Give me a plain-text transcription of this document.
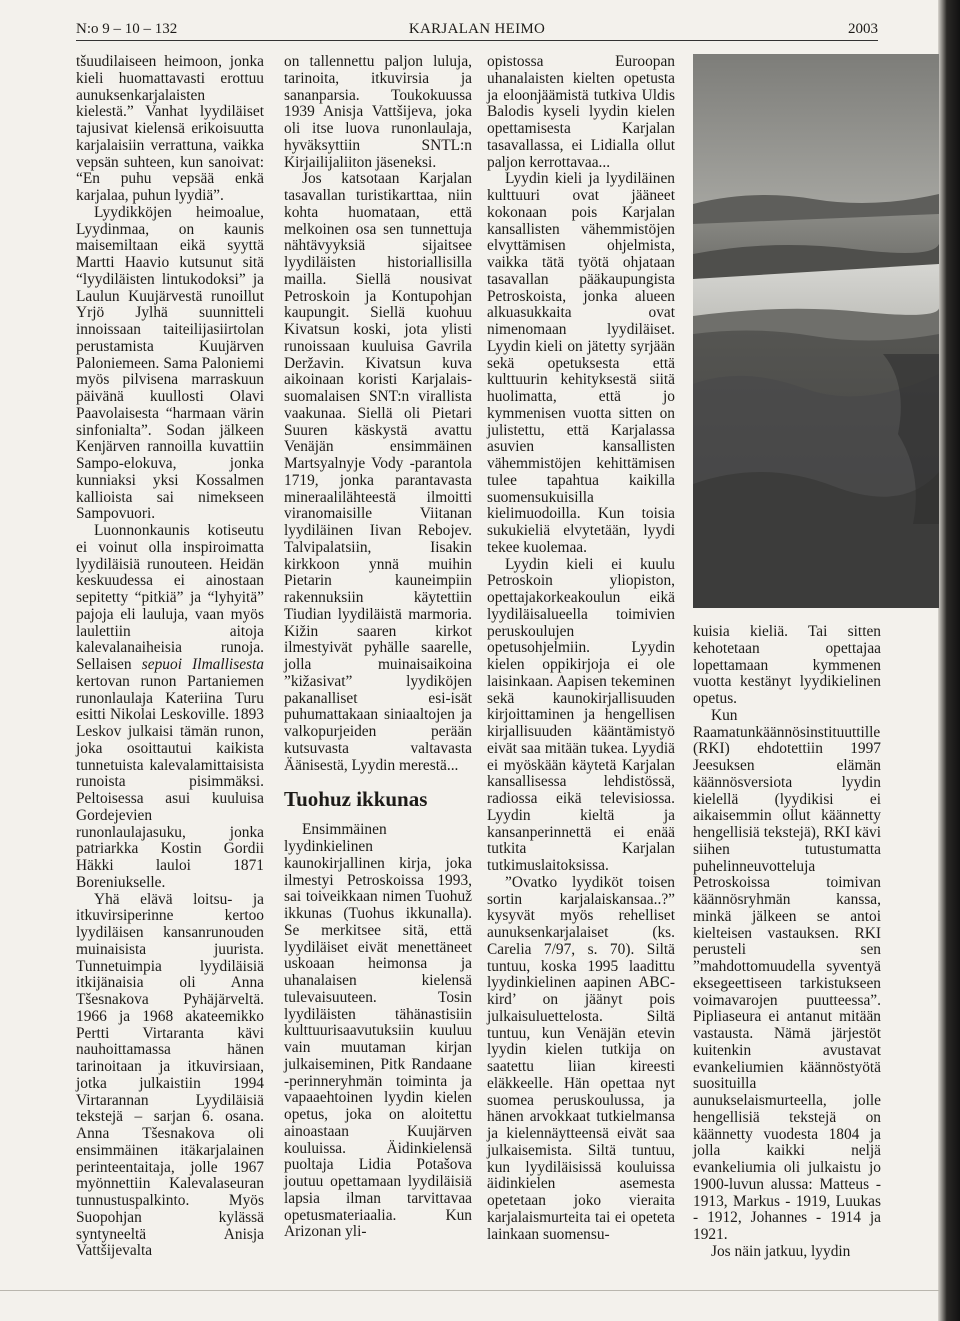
N:o 9 – 10 – 132	KARJALAN HEIMO	2003

tšuudilaiseen heimoon, jonka kieli huomattavasti erottuu aunuksenkarjalaisten kielestä.” Vanhat lyydiläiset tajusivat kielensä erikoisuutta karjalaisiin verrattuna, vaikka vepsän suhteen, kun sanoivat: “En puhu vepsää enkä karjalaa, puhun lyydiä”.

Lyydikköjen heimoalue, Lyydinmaa, on kaunis maisemiltaan eikä syyttä Martti Haavio kutsunut sitä “lyydiläisten lintukodoksi” ja Laulun Kuujärvestä runoillut Yrjö Jylhä suunnitteli innoissaan taiteilijasiirtolan perustamista Kuujärven Paloniemeen. Sama Paloniemi myös pilvisena marraskuun päivänä kuullosti Olavi Paavolaisesta “harmaan värin sinfonialta”. Sodan jälkeen Kenjärven rannoilla kuvattiin Sampo-elokuva, jonka kunniaksi yksi Kossalmen kallioista sai nimekseen Sampovuori.

Luonnonkaunis kotiseutu ei voinut olla inspiroimatta lyydiläisiä runouteen. Heidän keskuudessa ei ainostaan sepitetty “pitkiä” ja “lyhyitä” pajoja eli lauluja, vaan myös laulettiin aitoja kalevalanaiheisia runoja. Sellaisen sepuoi Ilmallisesta kertovan runon Partaniemen runonlaulaja Kateriina Turu esitti Nikolai Leskoville. 1893 Leskov julkaisi tämän runon, joka osoittautui kaikista tunnetuista kalevalamittaisista runoista pisimmäksi. Peltoisessa asui kuuluisa Gordejevien runonlaulajasuku, jonka patriarkka Kostin Gordii Häkki lauloi 1871 Boreniukselle.

Yhä elävä loitsu- ja itkuvirsiperinne kertoo lyydiläisen kansanrunouden muinaisista juurista. Tunnetuimpia lyydiläisiä itkijänaisia oli Anna Tšesnakova Pyhäjärveltä. 1966 ja 1968 akateemikko Pertti Virtaranta kävi nauhoittamassa hänen tarinoitaan ja itkuvirsiaan, jotka julkaistiin 1994 Virtarannan Lyydiläisiä tekstejä – sarjan 6. osana. Anna Tšesnakova oli ensimmäinen itäkarjalainen perinteentaitaja, jolle 1967 myönnettiin Kalevalaseuran tunnustuspalkinto. Myös Suopohjan kylässä syntyneeltä Anisja Vattšijevalta

on tallennettu paljon luluja, tarinoita, itkuvirsia ja sananparsia. Toukokuussa 1939 Anisja Vattšijeva, joka oli itse luova runonlaulaja, hyväksyttiin SNTL:n Kirjailijaliiton jäseneksi.

Jos katsotaan Karjalan tasavallan turistikarttaa, niin kohta huomataan, että melkoinen osa sen tunnettuja nähtävyyksiä sijaitsee lyydiläisten historiallisilla mailla. Siellä nousivat Petroskoin ja Kontupohjan kaupungit. Siellä kuohuu Kivatsun koski, jota ylisti runoissaan kuuluisa Gavrila Deržavin. Kivatsun kuva aikoinaan koristi Karjalais-suomalaisen SNT:n virallista vaakunaa. Siellä oli Pietari Suuren käskystä avattu Venäjän ensimmäinen Martsyalnyje Vody -parantola 1719, jonka parantavasta mineraalilähteestä ilmoitti viranomaisille Viitanan lyydiläinen Iivan Rebojev. Talvipalatsiin, Iisakin kirkkoon ynnä muihin Pietarin kauneimpiin rakennuksiin käytettiin Tiudian lyydiläistä marmoria. Kižin saaren kirkot ilmestyivät pyhälle saarelle, jolla muinaisaikoina ”kižasivat” lyydiköjen pakanalliset esi-isät puhumattakaan siniaaltojen ja valkopurjeiden perään kutsuvasta valtavasta Äänisestä, Lyydin merestä...

Tuohuz ikkunas

Ensimmäinen lyydinkielinen kaunokirjallinen kirja, joka ilmestyi Petroskoissa 1993, sai toiveikkaan nimen Tuohuž ikkunas (Tuohus ikkunalla). Se merkitsee sitä, että lyydiläiset eivät menettäneet uskoaan heimonsa ja uhanalaisen kielensä tulevaisuuteen. Tosin lyydiläisten tähänastisiin kulttuurisaavutuksiin kuuluu vain muutaman kirjan julkaiseminen, Pitk Randaane -perinneryhmän toiminta ja vapaaehtoinen lyydin kielen opetus, joka on aloitettu ainoastaan Kuujärven kouluissa. Äidinkielensä puoltaja Lidia Potašova joutuu opettamaan lyydiläisiä lapsia ilman tarvittavaa opetusmateriaalia. Kun Arizonan yli-

opistossa Euroopan uhanalaisten kielten opetusta ja eloonjäämistä tutkiva Uldis Balodis kyseli lyydin kielen opettamisesta Karjalan tasavallassa, ei Lidialla ollut paljon kerrottavaa...

Lyydin kieli ja lyydiläinen kulttuuri ovat jääneet kokonaan pois Karjalan kansallisten vähemmistöjen elvyttämisen ohjelmista, vaikka tätä työtä ohjataan tasavallan pääkaupungista Petroskoista, jonka alueen alkuasukkaita ovat nimenomaan lyydiläiset. Lyydin kieli on jätetty syrjään sekä opetuksesta että kulttuurin kehityksestä siitä huolimatta, että jo kymmenisen vuotta sitten on julistettu, että Karjalassa asuvien kansallisten vähemmistöjen kehittämisen tulee tapahtua kaikilla suomensukuisilla kielimuodoilla. Kun toisia sukukieliä elvytetään, lyydi tekee kuolemaa.

Lyydin kieli ei kuulu Petroskoin yliopiston, opettajakorkeakoulun eikä lyydiläisalueella toimivien peruskoulujen opetusohjelmiin. Lyydin kielen oppikirjoja ei ole laisinkaan. Aapisen tekeminen sekä kaunokirjallisuuden kirjoittaminen ja hengellisen kirjallisuuden kääntämistyö eivät saa mitään tukea. Lyydiä ei myöskään käytetä Karjalan kansallisessa lehdistössä, radiossa eikä televisiossa. Lyydin kieltä ja kansanperinnettä ei enää tutkita Karjalan tutkimuslaitoksissa.

”Ovatko lyydiköt toisen sortin karjalaiskansaa..?” kysyvät myös rehelliset aunuksenkarjalaiset (ks. Carelia 7/97, s. 70). Siltä tuntuu, koska 1995 laadittu lyydinkielinen aapinen ABC-kird’ on jäänyt pois julkaisuluettelosta. Siltä tuntuu, kun Venäjän etevin lyydin kielen tutkija on saatettu liian kireesti eläkkeelle. Hän opettaa nyt suomea peruskoulussa, ja hänen arvokkaat tutkielmansa ja kielennäytteensä eivät saa julkaisemista. Siltä tuntuu, kun lyydiläisissä kouluissa äidinkielen asemesta opetetaan joko vieraita karjalaismurteita tai ei opeteta lainkaan suomensu-

kuisia kieliä. Tai sitten kehotetaan opettajaa lopettamaan kymmenen vuotta kestänyt lyydikielinen opetus.

Kun Raamatunkäännösinstituuttille (RKI) ehdotettiin 1997 Jeesuksen elämän käännösversiota lyydin kielellä (lyydikisi ei aikaisemmin ollut käännetty hengellisiä tekstejä), RKI kävi siihen tutustumatta puhelinneuvotteluja Petroskoissa toimivan käännösryhmän kanssa, minkä jälkeen se antoi kielteisen vastauksen. RKI perusteli sen ”mahdottomuudella syventyä eksegeettiseen tarkistukseen voimavarojen puutteessa”. Pipliaseura ei antanut mitään vastausta. Nämä järjestöt kuitenkin avustavat evankeliumien käännöstyötä suosituilla aunukselaismurteella, jolle hengellisiä tekstejä on käännetty vuodesta 1804 ja jolla kaikki neljä evankeliumia oli julkaistu jo 1900-luvun alussa: Matteus - 1913, Markus - 1919, Luukas - 1912, Johannes - 1914 ja 1921.

Jos näin jatkuu, lyydin
